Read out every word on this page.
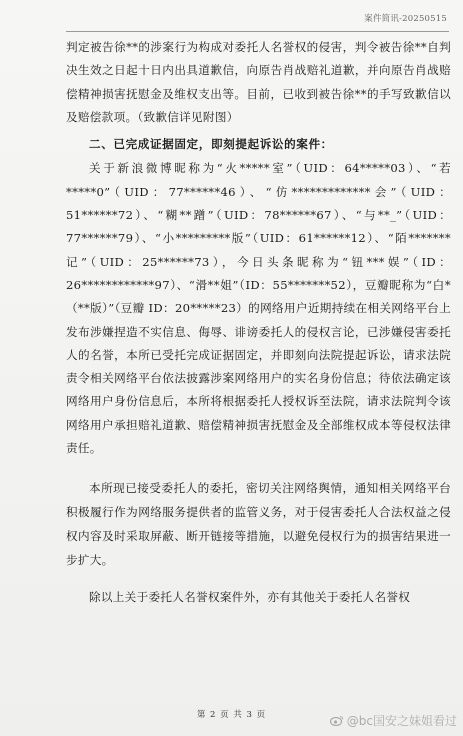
案件简讯-20250515

判定被告徐**的涉案行为构成对委托人名誉权的侵害，判令被告徐**自判决生效之日起十日内出具道歉信，向原告肖战赔礼道歉，并向原告肖战赔偿精神损害抚慰金及维权支出等。目前，已收到被告徐**的手写致歉信以及赔偿款项。（致歉信详见附图）

二、已完成证据固定，即刻提起诉讼的案件：

关于新浪微博昵称为“火*****室”（UID：64*****03）、“若*****0”（UID：77******46）、“仿*************会”（UID：51******72）、“糊**蹭”（UID：78******67）、“与**_”（UID：77******79）、“小*********版”（UID：61******12）、“陌*******记”（UID：25******73），今日头条昵称为“钮***娱”（ID：26************97）、“滑**姐”（ID：55*******52），豆瓣昵称为“白*（**版）”（豆瓣 ID：20*****23）的网络用户近期持续在相关网络平台上发布涉嫌捏造不实信息、侮辱、诽谤委托人的侵权言论，已涉嫌侵害委托人的名誉，本所已受托完成证据固定，并即刻向法院提起诉讼，请求法院责令相关网络平台依法披露涉案网络用户的实名身份信息；待依法确定该网络用户身份信息后，本所将根据委托人授权诉至法院，请求法院判令该网络用户承担赔礼道歉、赔偿精神损害抚慰金及全部维权成本等侵权法律责任。

本所现已接受委托人的委托，密切关注网络舆情，通知相关网络平台积极履行作为网络服务提供者的监管义务，对于侵害委托人合法权益之侵权内容及时采取屏蔽、断开链接等措施，以避免侵权行为的损害结果进一步扩大。

除以上关于委托人名誉权案件外，亦有其他关于委托人名誉权

第 2 页 共 3 页	@bc国安之妹姐看过
